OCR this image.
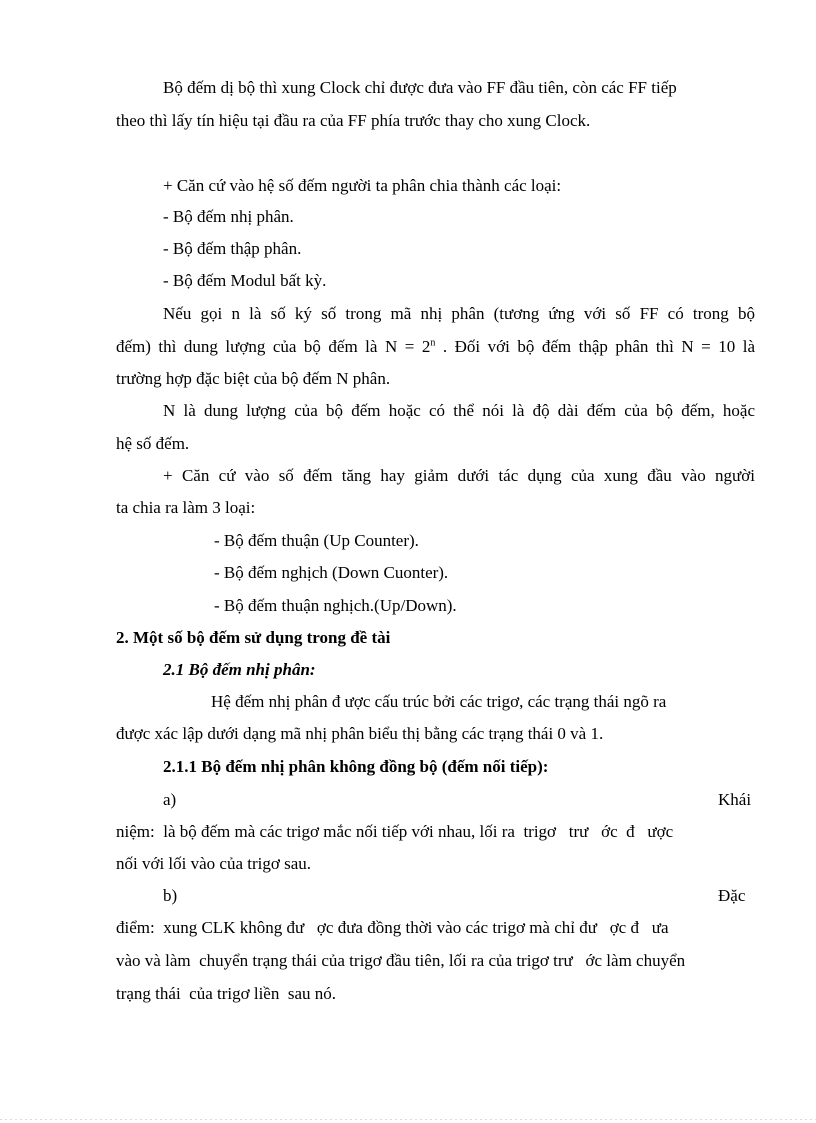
Bộ đếm dị bộ thì xung Clock chỉ được đưa vào FF đầu tiên, còn các FF tiếp
theo thì lấy tín hiệu tại đầu ra của FF phía trước thay cho xung Clock.
+ Căn cứ vào hệ số đếm người ta phân chia thành các loại:
- Bộ đếm nhị phân.
- Bộ đếm thập phân.
- Bộ đếm Modul bất kỳ.
Nếu gọi n là số ký số trong mã nhị phân (tương ứng với số FF có trong bộ
đếm) thì dung lượng của bộ đếm là $N = 2^n$ . Đối với bộ đếm thập phân thì N = 10 là
trường hợp đặc biệt của bộ đếm N phân.
N là dung lượng của bộ đếm hoặc có thể nói là độ dài đếm của bộ đếm, hoặc
hệ số đếm.
+ Căn cứ vào số đếm tăng hay giảm dưới tác dụng của xung đầu vào người
ta chia ra làm 3 loại:
- Bộ đếm thuận (Up Counter).
- Bộ đếm nghịch (Down Cuonter).
- Bộ đếm thuận nghịch.(Up/Down).
2. Một số bộ đếm sử dụng trong đề tài
2.1 Bộ đếm nhị phân:
Hệ đếm nhị phân đ ược cấu trúc bởi các trigơ, các trạng thái ngõ ra
được xác lập dưới dạng mã nhị phân biểu thị bằng các trạng thái 0 và 1.
2.1.1 Bộ đếm nhị phân không đồng bộ (đếm nối tiếp):
a)	Khái
niệm:  là bộ đếm mà các trigơ mắc nối tiếp với nhau, lối ra  trigơ   trư   ớc  đ   ược
nối với lối vào của trigơ sau.
b)	Đặc
điểm:  xung CLK không đư   ợc đưa đồng thời vào các trigơ mà chỉ đư   ợc đ   ưa
vào và làm  chuyển trạng thái của trigơ đầu tiên, lối ra của trigơ trư   ớc làm chuyển
trạng thái  của trigơ liền  sau nó.
